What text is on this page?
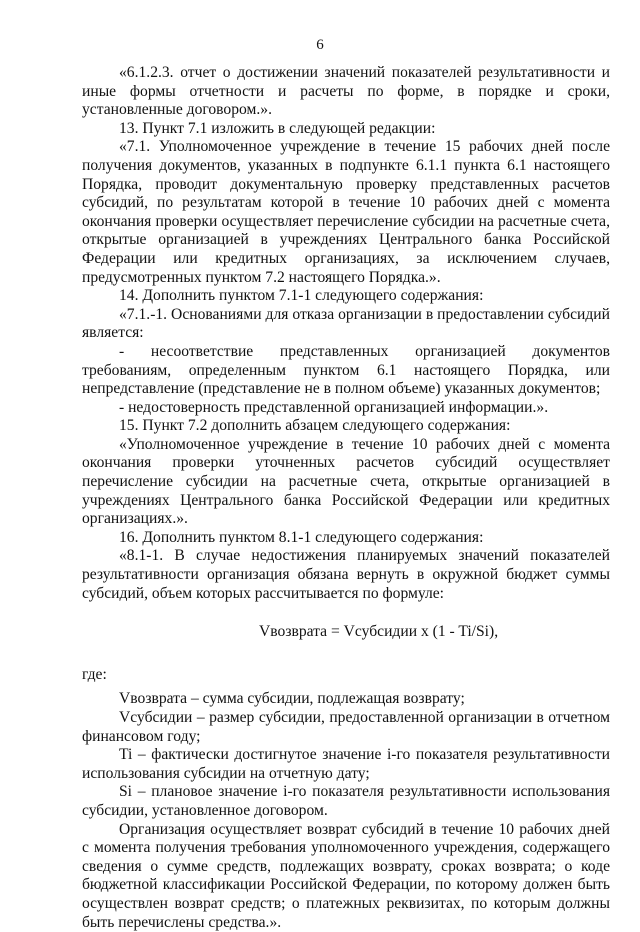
6

«6.1.2.3. отчет о достижении значений показателей результативности и иные формы отчетности и расчеты по форме, в порядке и сроки, установленные договором.».

13. Пункт 7.1 изложить в следующей редакции:

«7.1. Уполномоченное учреждение в течение 15 рабочих дней после получения документов, указанных в подпункте 6.1.1 пункта 6.1 настоящего Порядка, проводит документальную проверку представленных расчетов субсидий, по результатам которой в течение 10 рабочих дней с момента окончания проверки осуществляет перечисление субсидии на расчетные счета, открытые организацией в учреждениях Центрального банка Российской Федерации или кредитных организациях, за исключением случаев, предусмотренных пунктом 7.2 настоящего Порядка.».

14. Дополнить пунктом 7.1-1 следующего содержания:

«7.1.-1. Основаниями для отказа организации в предоставлении субсидий является:

- несоответствие представленных организацией документов требованиям, определенным пунктом 6.1 настоящего Порядка, или непредставление (представление не в полном объеме) указанных документов;

- недостоверность представленной организацией информации.».

15. Пункт 7.2 дополнить абзацем следующего содержания:

«Уполномоченное учреждение в течение 10 рабочих дней с момента окончания проверки уточненных расчетов субсидий осуществляет перечисление субсидии на расчетные счета, открытые организацией в учреждениях Центрального банка Российской Федерации или кредитных организациях.».

16. Дополнить пунктом 8.1-1 следующего содержания:

«8.1-1. В случае недостижения планируемых значений показателей результативности организация обязана вернуть в окружной бюджет суммы субсидий, объем которых рассчитывается по формуле:

Vвозврата = Vсубсидии x (1 - Ti/Si),

где:

Vвозврата – сумма субсидии, подлежащая возврату;

Vсубсидии – размер субсидии, предоставленной организации в отчетном финансовом году;

Ti – фактически достигнутое значение i-го показателя результативности использования субсидии на отчетную дату;

Si – плановое значение i-го показателя результативности использования субсидии, установленное договором.

Организация осуществляет возврат субсидий в течение 10 рабочих дней с момента получения требования уполномоченного учреждения, содержащего сведения о сумме средств, подлежащих возврату, сроках возврата; о коде бюджетной классификации Российской Федерации, по которому должен быть осуществлен возврат средств; о платежных реквизитах, по которым должны быть перечислены средства.».
